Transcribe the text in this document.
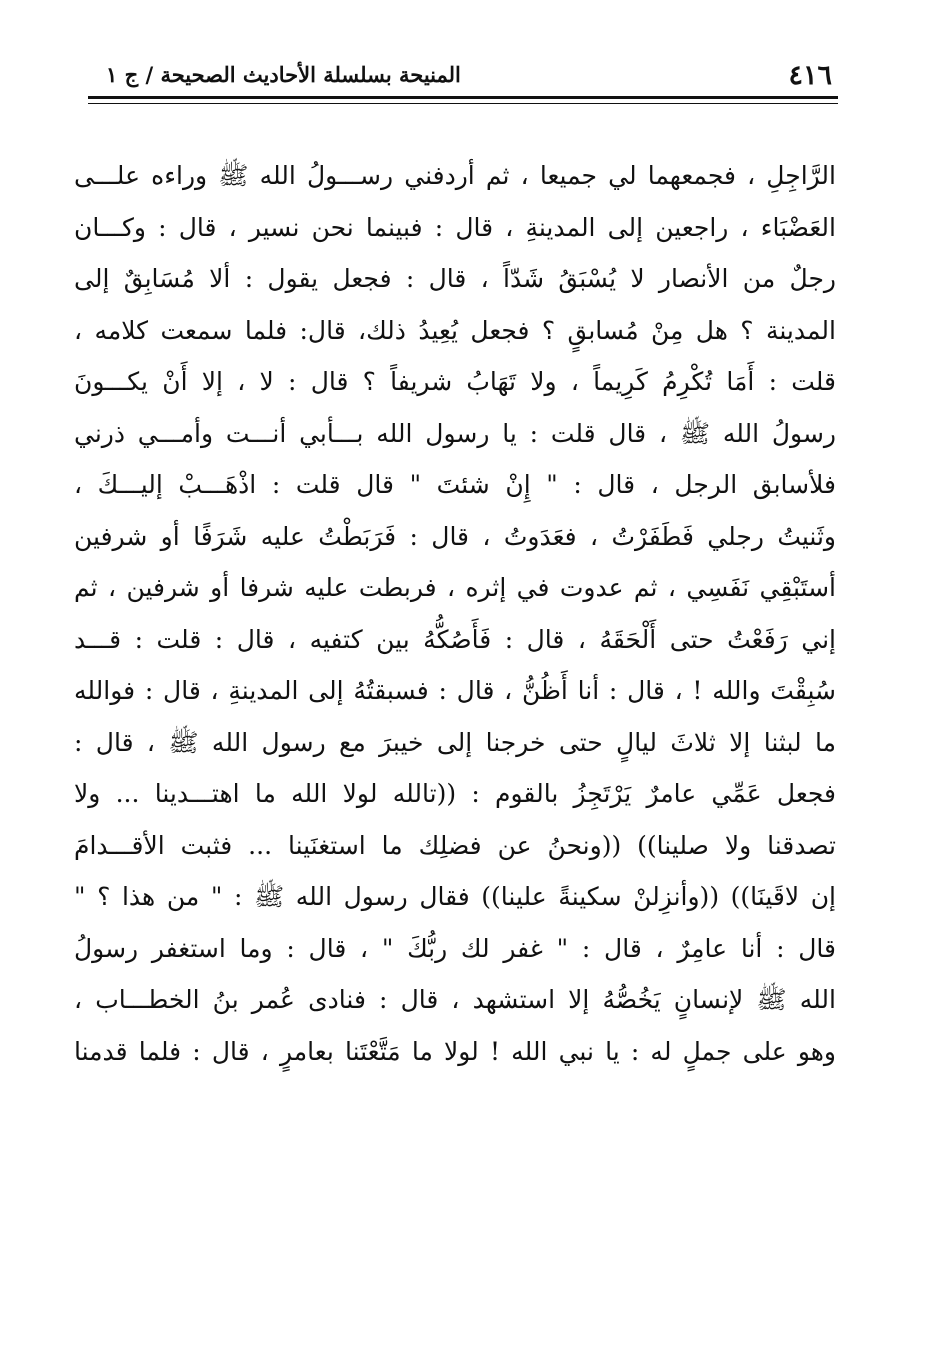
٤١٦
المنيحة بسلسلة الأحاديث الصحيحة / ج ١
الرَّاجِلِ ، فجمعهما لي جميعا ، ثم أردفني رســـولُ الله ﷺ وراءه علـــى
العَضْبَاء ، راجعين إلى المدينةِ ، قال : فبينما نحن نسير ، قال : وكـــان
رجلٌ من الأنصار لا يُسْبَقُ شَدّاً ، قال : فجعل يقول : ألا مُسَابِقٌ إلى
المدينة ؟ هل مِنْ مُسابقٍ ؟ فجعل يُعِيدُ ذلك، قال: فلما سمعت كلامه ،
قلت : أَمَا تُكْرِمُ كَرِيماً ، ولا تَهَابُ شريفاً ؟ قال : لا ، إلا أَنْ يكـــونَ
رسولُ الله ﷺ ، قال قلت : يا رسول الله بـــأبي أنـــت وأمـــي ذرني
فلأسابق الرجل ، قال : " إِنْ شئتَ " قال قلت : اذْهَـــبْ إليـــكَ ،
وثَنيتُ رجلي فَطَفَرْتُ ، فعَدَوتُ ، قال : فَرَبَطْتُ عليه شَرَفًا أو شرفين
أستَبْقِي نَفَسِي ، ثم عدوت في إثره ، فربطت عليه شرفا أو شرفين ، ثم
إني رَفَعْتُ حتى أَلْحَقَهُ ، قال : فَأَصُكُّهُ بين كتفيه ، قال : قلت : قـــد
سُبِقْتَ والله ! ، قال : أنا أَظُنُّ ، قال : فسبقتُهُ إلى المدينةِ ، قال : فوالله
ما لبثنا إلا ثلاثَ ليالٍ حتى خرجنا إلى خيبرَ مع رسول الله ﷺ ، قال :
فجعل عَمِّي عامرٌ يَرْتَجِزُ بالقوم : ((تالله لولا الله ما اهتـــدينا ... ولا
تصدقنا ولا صلينا)) ((ونحنُ عن فضلِك ما استغنَينا ... فثبت الأقـــدامَ
إن لاقَينَا)) ((وأنزِلنْ سكينةً علينا)) فقال رسول الله ﷺ : " من هذا ؟ "
قال : أنا عامِرٌ ، قال : " غفر لك ربُّكَ " ، قال : وما استغفر رسولُ
الله ﷺ لإنسانٍ يَخُصُّهُ إلا استشهد ، قال : فنادى عُمر بنُ الخطـــاب ،
وهو على جملٍ له : يا نبي الله ! لولا ما مَتَّعْتَنا بعامرٍ ، قال : فلما قدمنا
